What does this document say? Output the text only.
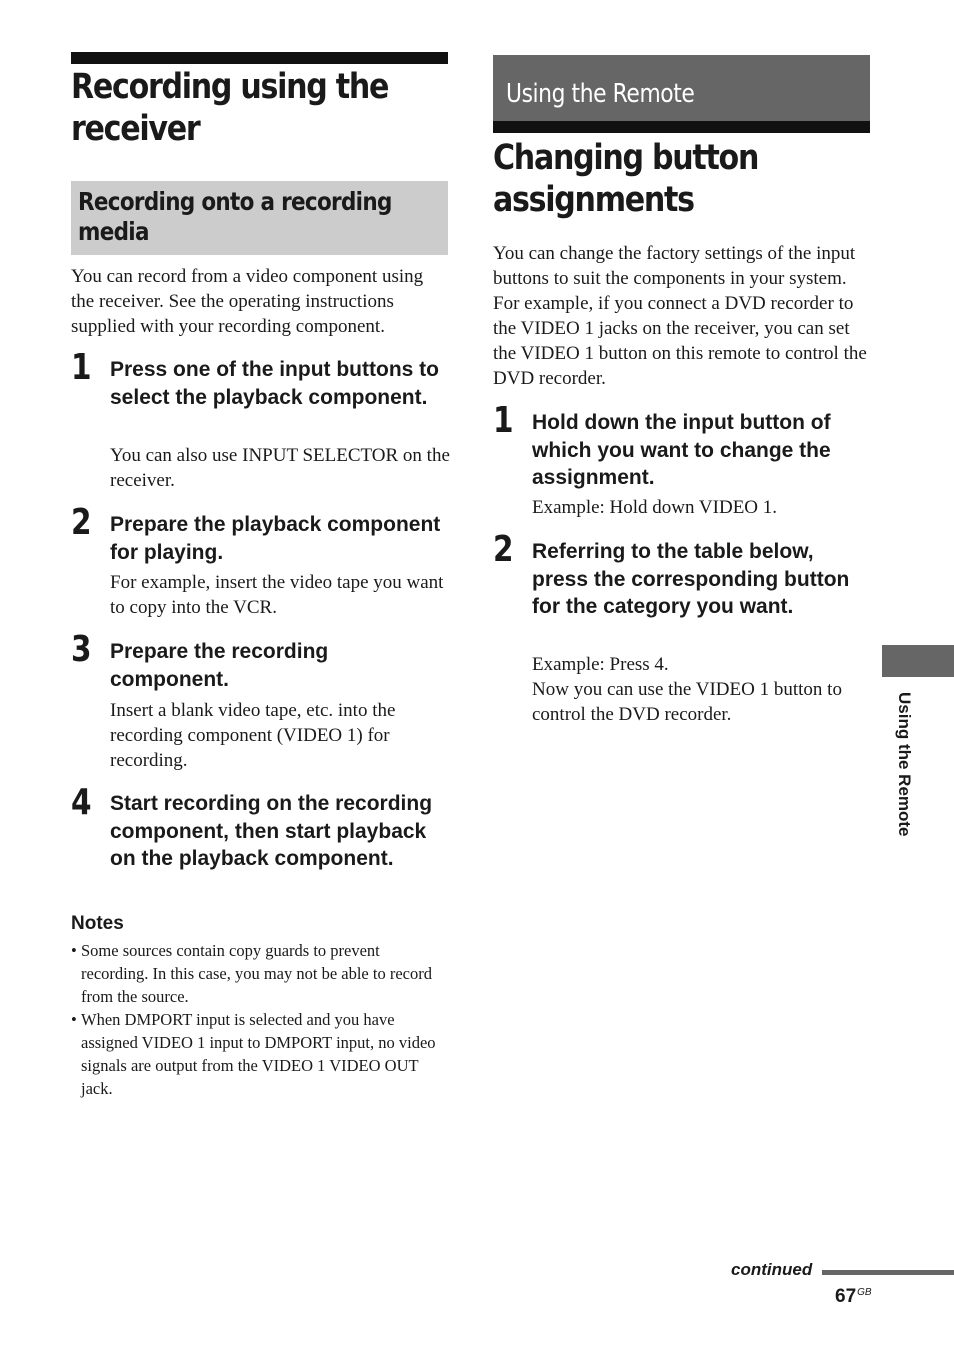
Recording using the receiver
Recording onto a recording media

You can record from a video component using the receiver. See the operating instructions supplied with your recording component.

1 Press one of the input buttons to select the playback component.

You can also use INPUT SELECTOR on the receiver.

2 Prepare the playback component for playing.

For example, insert the video tape you want to copy into the VCR.

3 Prepare the recording component.

Insert a blank video tape, etc. into the recording component (VIDEO 1) for recording.

4 Start recording on the recording component, then start playback on the playback component.

Notes
• Some sources contain copy guards to prevent recording. In this case, you may not be able to record from the source.
• When DMPORT input is selected and you have assigned VIDEO 1 input to DMPORT input, no video signals are output from the VIDEO 1 VIDEO OUT jack.
Using the Remote
Changing button assignments

You can change the factory settings of the input buttons to suit the components in your system. For example, if you connect a DVD recorder to the VIDEO 1 jacks on the receiver, you can set the VIDEO 1 button on this remote to control the DVD recorder.

1 Hold down the input button of which you want to change the assignment.

Example: Hold down VIDEO 1.

2 Referring to the table below, press the corresponding button for the category you want.

Example: Press 4.

Now you can use the VIDEO 1 button to control the DVD recorder.	Using the Remote
continued
$67^{GB}$
